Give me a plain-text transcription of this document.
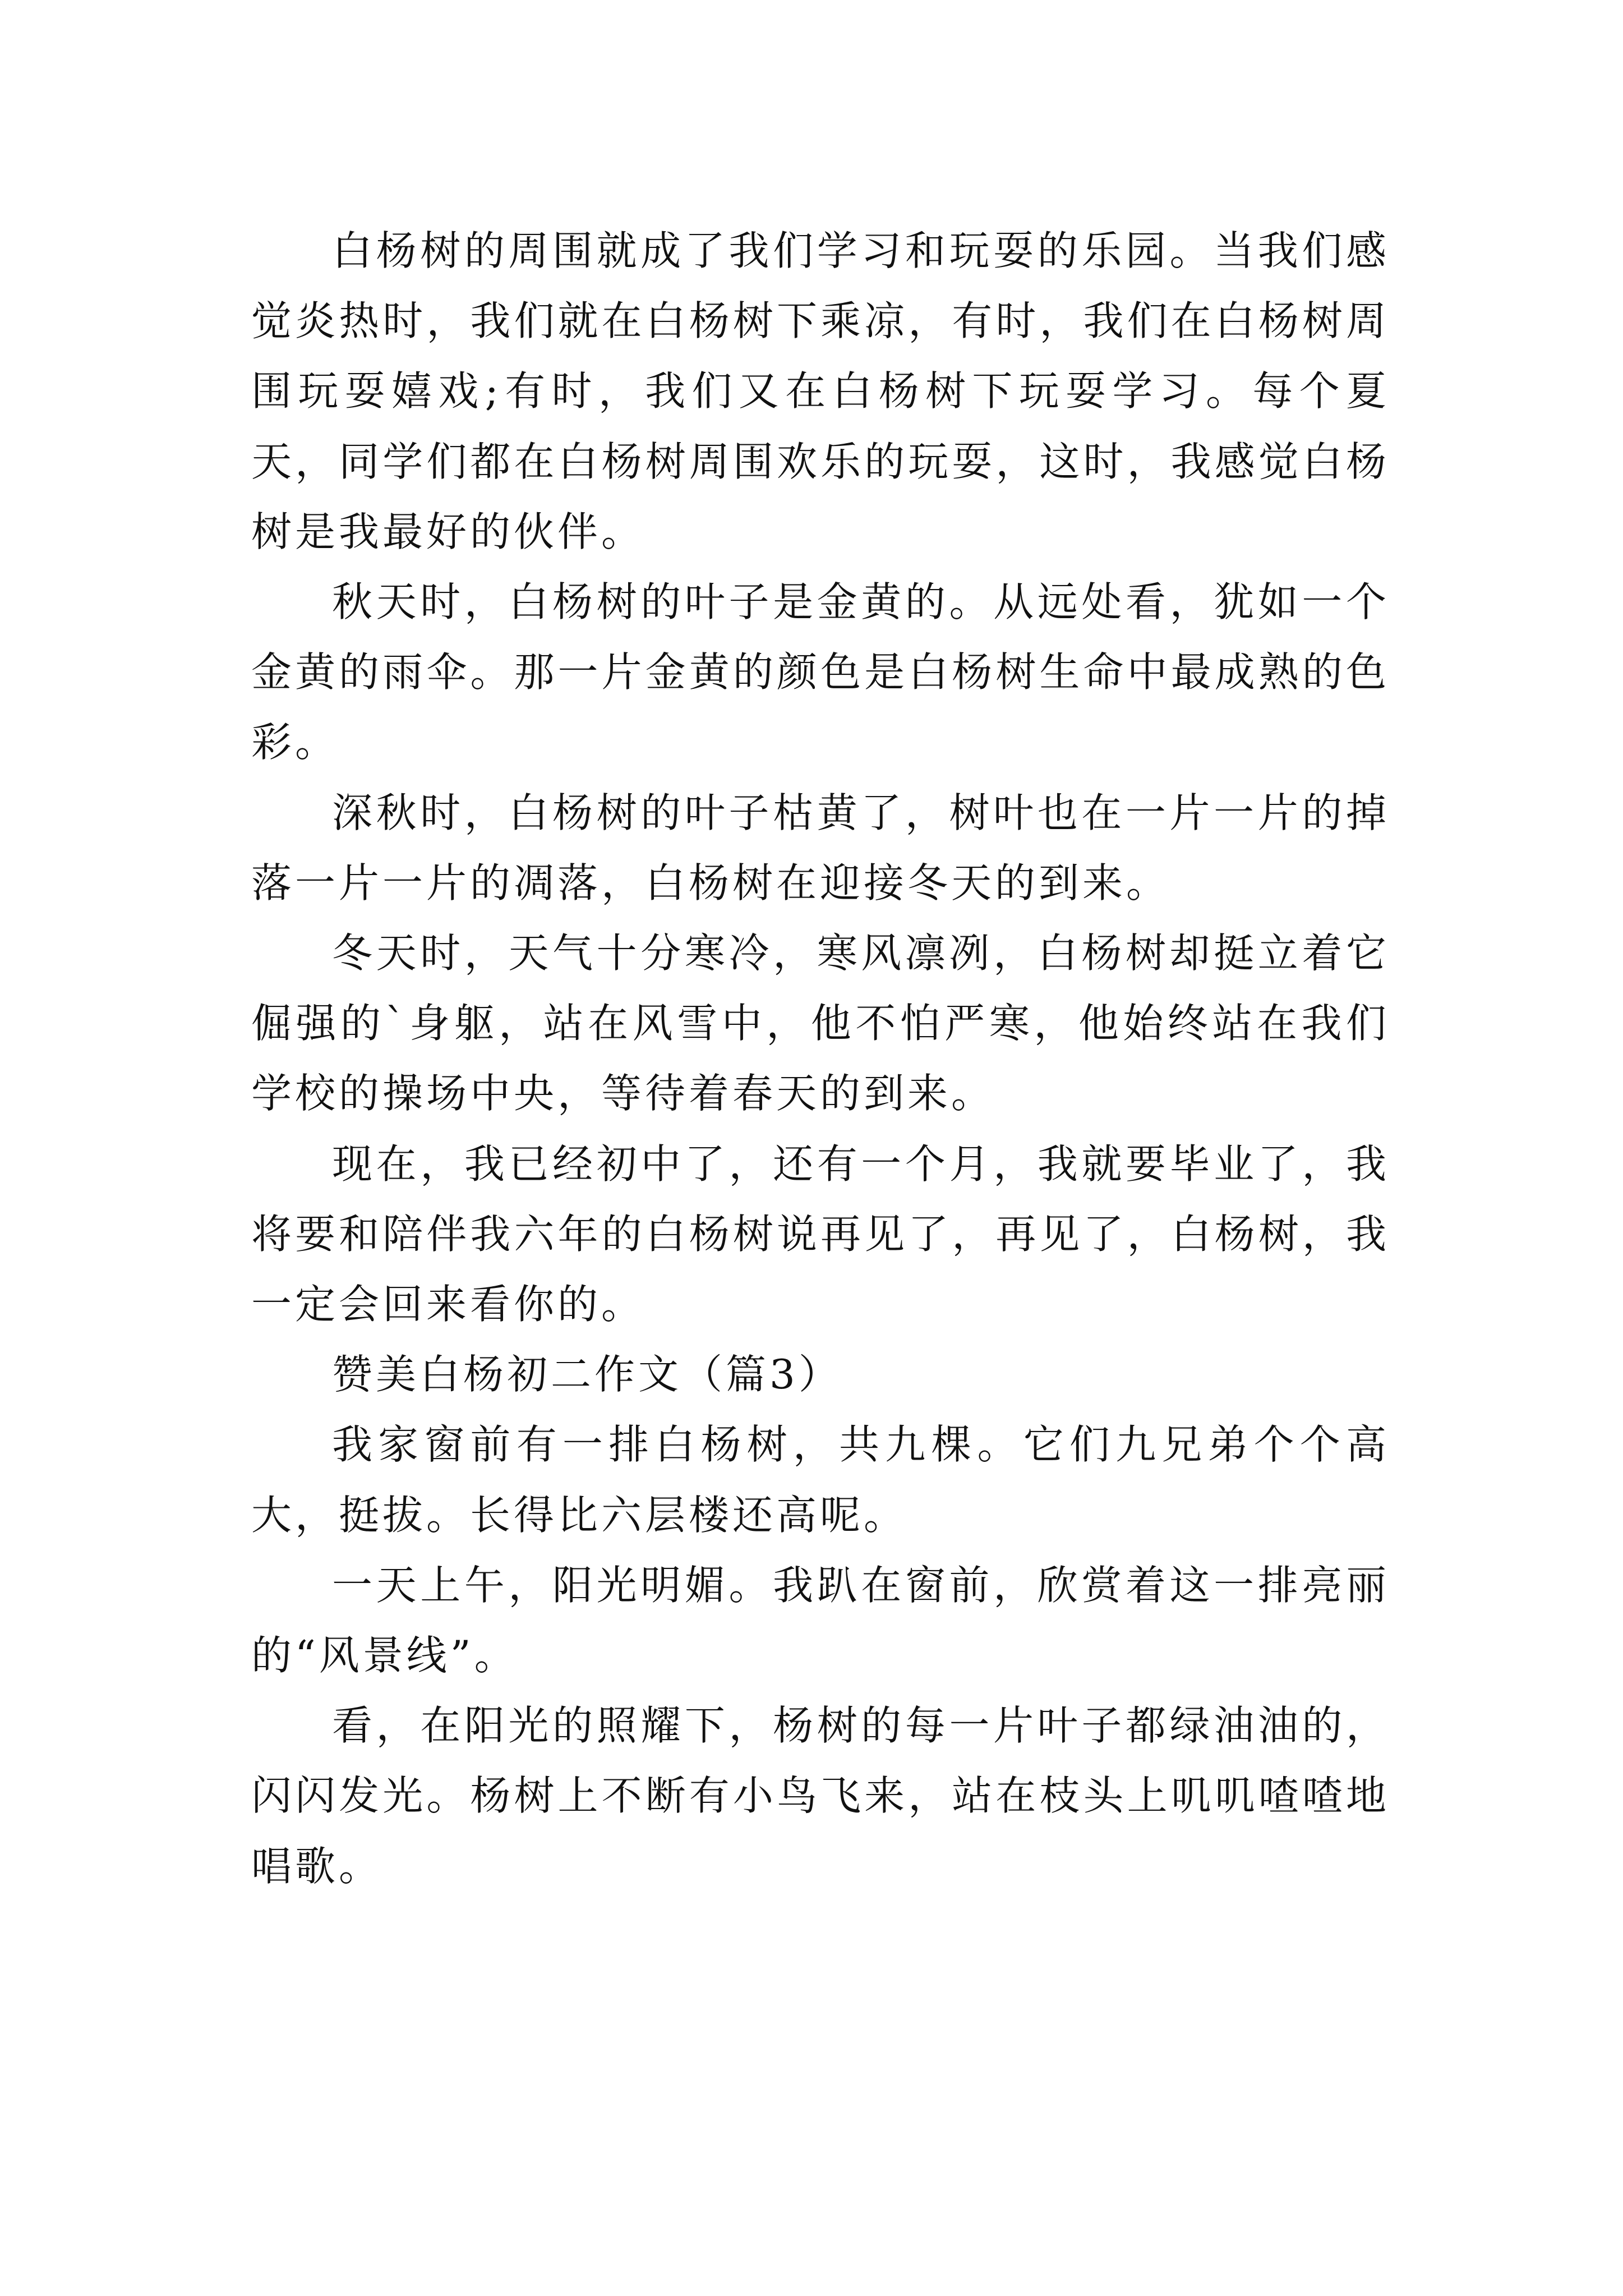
白杨树的周围就成了我们学习和玩耍的乐园。当我们感觉炎热时，我们就在白杨树下乘凉，有时，我们在白杨树周围玩耍嬉戏;有时，我们又在白杨树下玩耍学习。每个夏天，同学们都在白杨树周围欢乐的玩耍，这时，我感觉白杨树是我最好的伙伴。

秋天时，白杨树的叶子是金黄的。从远处看，犹如一个金黄的雨伞。那一片金黄的颜色是白杨树生命中最成熟的色彩。

深秋时，白杨树的叶子枯黄了，树叶也在一片一片的掉落一片一片的凋落，白杨树在迎接冬天的到来。

冬天时，天气十分寒冷，寒风凛冽，白杨树却挺立着它倔强的`身躯，站在风雪中，他不怕严寒，他始终站在我们学校的操场中央，等待着春天的到来。

现在，我已经初中了，还有一个月，我就要毕业了，我将要和陪伴我六年的白杨树说再见了，再见了，白杨树，我一定会回来看你的。

赞美白杨初二作文（篇3）

我家窗前有一排白杨树，共九棵。它们九兄弟个个高大，挺拔。长得比六层楼还高呢。

一天上午，阳光明媚。我趴在窗前，欣赏着这一排亮丽的“风景线”。

看，在阳光的照耀下，杨树的每一片叶子都绿油油的，闪闪发光。杨树上不断有小鸟飞来，站在枝头上叽叽喳喳地唱歌。
